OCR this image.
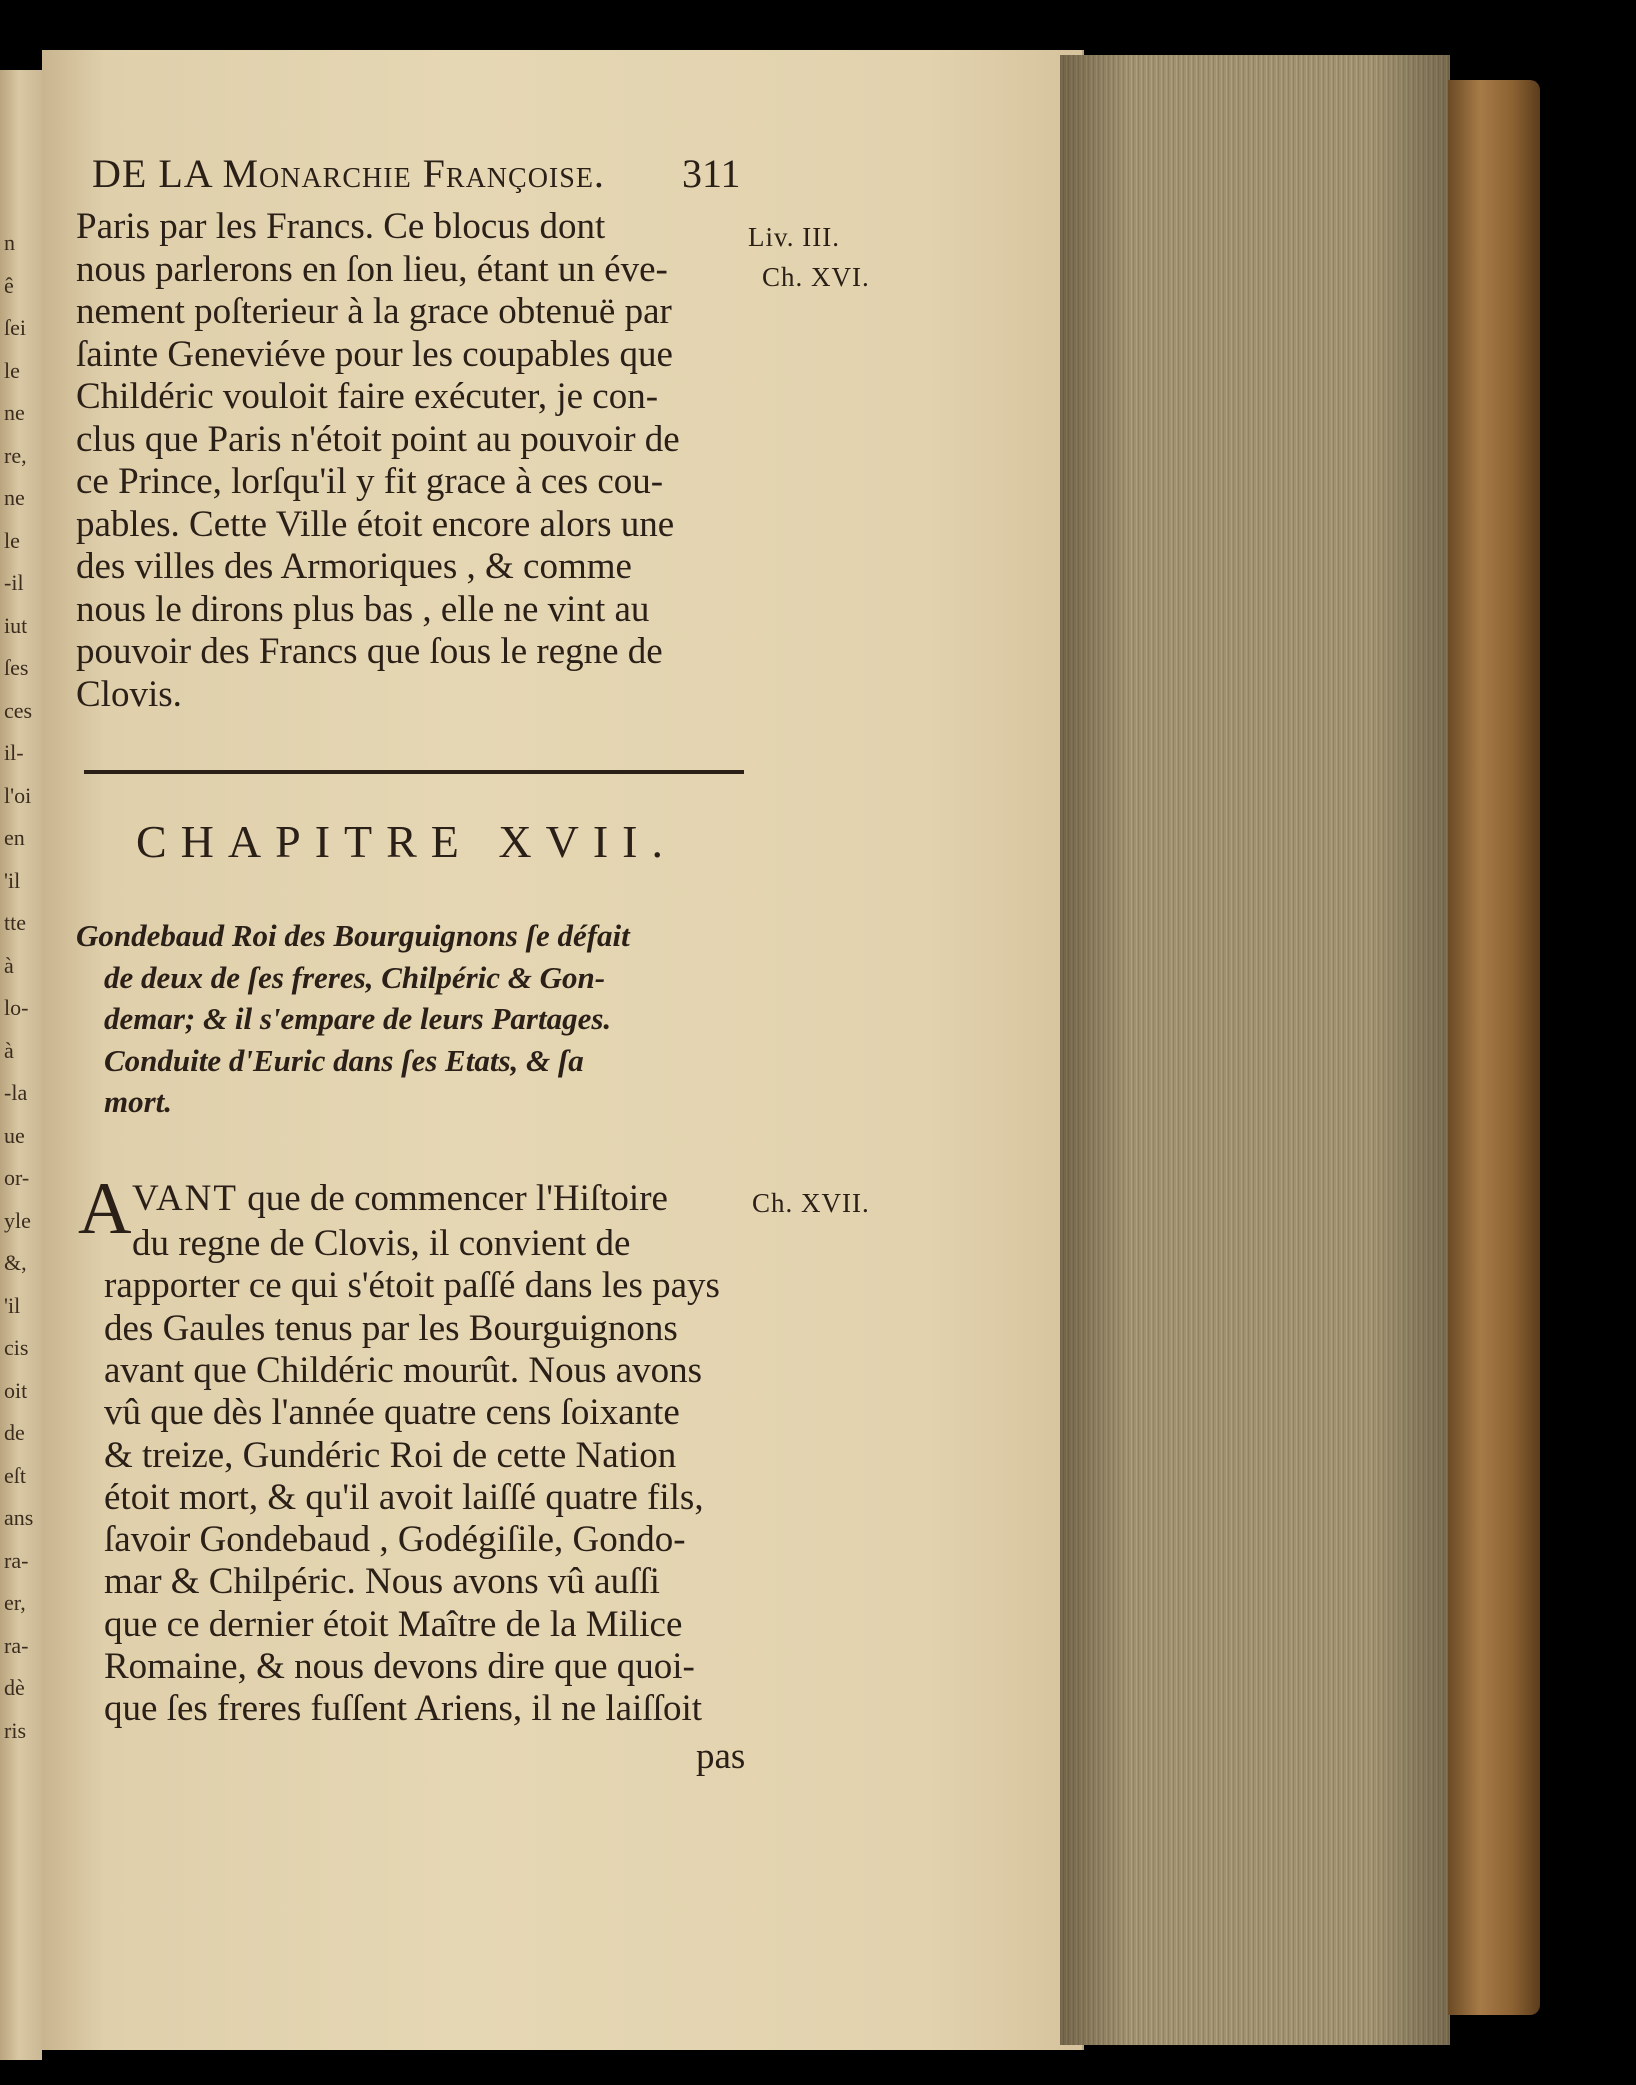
n
ê
ſei
le
ne
re,
ne
le
-il
iut
ſes
ces
il-
l'oi
en
'il
tte
à
lo-
à
-la
ue
or-
yle
&,
'il
cis
oit
de
eſt
ans
ra-
er,
ra-
dè
ris
DE LA Monarchie Françoise. 311
Liv. III.
Ch. XVI.
Paris par les Francs. Ce blocus dont
nous parlerons en ſon lieu, étant un éve-
nement poſterieur à la grace obtenuë par
ſainte Geneviéve pour les coupables que
Childéric vouloit faire exécuter, je con-
clus que Paris n'étoit point au pouvoir de
ce Prince, lorſqu'il y fit grace à ces cou-
pables. Cette Ville étoit encore alors une
des villes des Armoriques , & comme
nous le dirons plus bas , elle ne vint au
pouvoir des Francs que ſous le regne de
Clovis.
CHAPITRE XVII.
Gondebaud Roi des Bourguignons ſe défait
de deux de ſes freres, Chilpéric & Gon-
demar; & il s'empare de leurs Partages.
Conduite d'Euric dans ſes Etats, & ſa
mort.
A VANT que de commencer l'Hiſtoire	Ch. XVII.
du regne de Clovis, il convient de
rapporter ce qui s'étoit paſſé dans les pays
des Gaules tenus par les Bourguignons
avant que Childéric mourût. Nous avons
vû que dès l'année quatre cens ſoixante
& treize, Gundéric Roi de cette Nation
étoit mort, & qu'il avoit laiſſé quatre fils,
ſavoir Gondebaud , Godégiſile, Gondo-
mar & Chilpéric. Nous avons vû auſſi
que ce dernier étoit Maître de la Milice
Romaine, & nous devons dire que quoi-
que ſes freres fuſſent Ariens, il ne laiſſoit
pas
